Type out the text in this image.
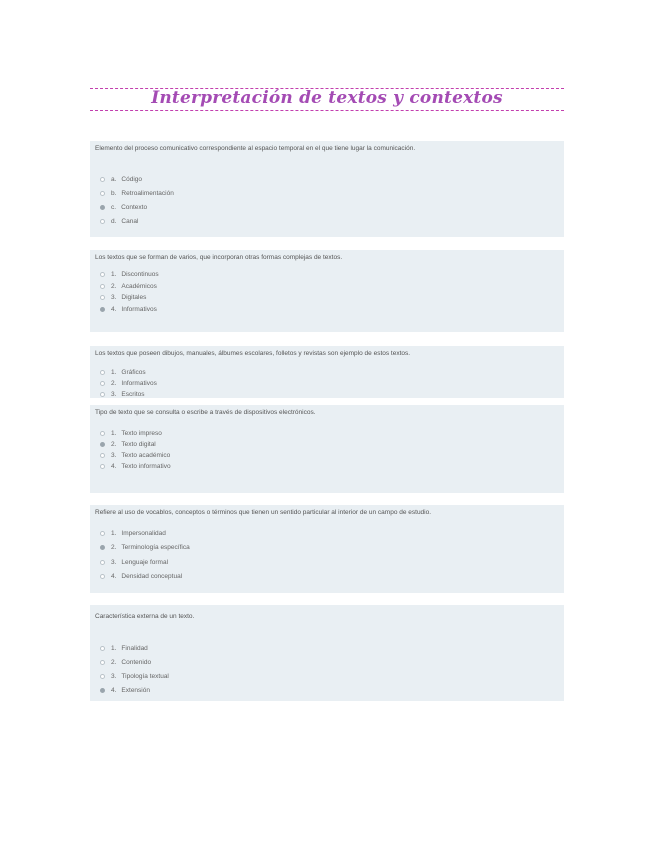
Interpretación de textos y contextos
Elemento del proceso comunicativo correspondiente al espacio temporal en el que tiene lugar la comunicación.
a. Código
b. Retroalimentación
c. Contexto
d. Canal
Los textos que se forman de varios, que incorporan otras formas complejas de textos.
1. Discontinuos
2. Académicos
3. Digitales
4. Informativos
Los textos que poseen dibujos, manuales, álbumes escolares, folletos y revistas son ejemplo de estos textos.
1. Gráficos
2. Informativos
3. Escritos
Tipo de texto que se consulta o escribe a través de dispositivos electrónicos.
1. Texto impreso
2. Texto digital
3. Texto académico
4. Texto informativo
Refiere al uso de vocablos, conceptos o términos que tienen un sentido particular al interior de un campo de estudio.
1. Impersonalidad
2. Terminología específica
3. Lenguaje formal
4. Densidad conceptual
Característica externa de un texto.
1. Finalidad
2. Contenido
3. Tipología textual
4. Extensión
